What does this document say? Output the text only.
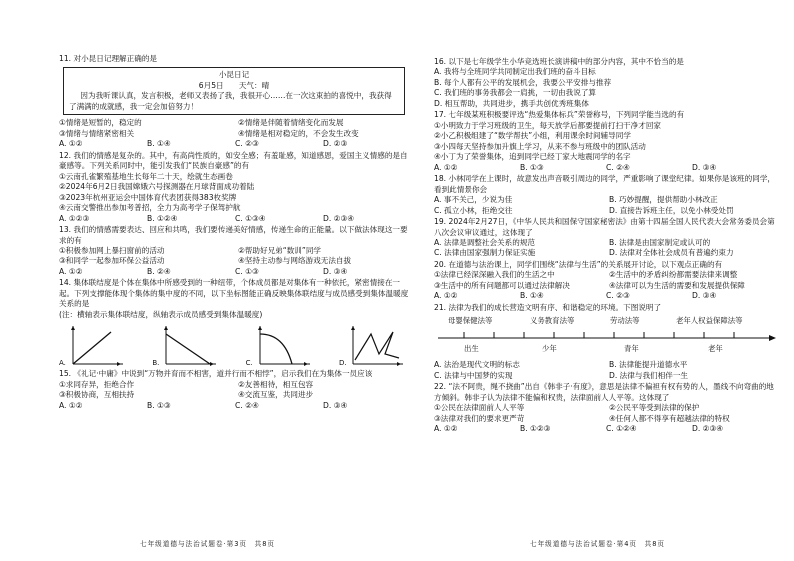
11. 对小昆日记理解正确的是
小昆日记
6月5日　　天气：晴
因为我听课认真，发言积极，老师又表扬了我，我很开心……在一次这束拍的喜悦中，我获得了满满的成就感，我一定会加倍努力！
①情绪是短暂的，稳定的	②情绪是伴随着情绪变化而发展
③情绪与情绪紧密相关	④情绪是相对稳定的，不会发生改变
A. ①②	B. ①④	C. ②③	D. ②③
12. 我们的情感是复杂的。其中，有高尚性质的，如安全感；有羞耻感，知道感恩，爱国主义情感的是自豪感等。下列关系同时中，能引发我们“民族自豪感”的有
①云南孔雀繁殖基地生长每年二十天，绘就生态画卷
②2024年6月2日我国嫦娥六号探测器在月球背面成功着陆
③2023年杭州亚运会中国体育代表团获得383枚奖牌
④云南交警推出参加考普招，全力为高考学子保驾护航
A. ①②③	B. ①②④	C. ①③④	D. ②③④
13. 我们的情感需要表达、回应和共鸣，我们要传递美好情感，传递生命的正能量。以下做法体现这一要求的有
①积极参加网上暴扫窗前的活动	②帮助好兄弟“数训”同学
③和同学一起参加环保公益活动	④坚持主动参与网络游戏无法自拔
A. ①②	B. ②④	C. ①③	D. ③④
14. 集体联结度是个体在集体中所感受到的一种纽带，个体成员都是对集体有一种依托，紧密情接在一起。下列支撑能体现个集体的集中度的不同，以下坐标图能正确反映集体联结度与成员感受到集体温暖度关系的是
(注：横轴表示集体联结度，纵轴表示成员感受到集体温暖度)
A.	B.	C.	D.
15. 《礼记·中庸》中说到“万物并育而不相害，道并行而不相悖”，启示我们在为集体一员应该
①求同存异，拒绝合作	②友善相待，相互包容
③积极协商，互相扶持	④交流互鉴，共同进步
A. ①②	B. ①③	C. ②④	D. ③④
七年级道德与法治试题卷·第3页　共8页
16. 以下是七年级学生小华竞选班长演讲稿中的部分内容，其中不恰当的是
A. 我将与全班同学共同制定出我们班的奋斗目标
B. 每个人都有公平的发展机会，我要公平安排与推荐
C. 我们班的事务我都会一肩挑，一切由我说了算
D. 相互帮助，共同进步，携手共创优秀班集体
17. 七年级某班积极要评选“热爱集体标兵”荣誉称号，下列同学能当选的有
①小明致力于学习班级的卫生，每天放学后都要提前打扫干净才回家
②小乙积极组建了“数学帮扶”小组，利用课余时间辅导同学
③小四每天坚持参加升旗上学习，从来不参与班级中的团队活动
④小丁为了荣誉集体，追到同学已经丁家大地震同学的名字
A. ①②	B. ①③	C. ②④	D. ③④
18. 小林同学在上课时，故意发出声音吸引周边的同学，严重影响了课堂纪律。如果你是该班的同学，看到此情景你会
A. 事不关己，少说为佳	B. 巧妙提醒，提供帮助小林改正
C. 孤立小林，拒绝交往	D. 直接告诉班主任，以免小林受处罚
19. 2024年2月27日，《中华人民共和国保守国家秘密法》由第十四届全国人民代表大会常务委员会第八次会议审议通过，这体现了
A. 法律是调整社会关系的规范	B. 法律是由国家制定或认可的
C. 法律由国家强制力保证实施	D. 法律对全体社会成员有普遍约束力
20. 在道德与法治课上，同学们围绕“法律与生活”的关系展开讨论，以下观点正确的有
①法律已经深深融入我们的生活之中	②生活中的矛盾纠纷都需要法律来调整
③生活中的所有问题都可以通过法律解决	④法律可以为生活的需要和发展提供保障
A. ①②	B. ①④	C. ②③	D. ③④
21. 法律为我们的成长营造文明有序、和谐稳定的环境。下图说明了
母婴保健法等	义务教育法等	劳动法等	老年人权益保障法等
出生	少年	青年	老年
A. 法治是现代文明的标志	B. 法律能提升道德水平
C. 法律与中国梦的实现	D. 法律与我们相伴一生
22. “法不阿贵，绳不挠曲”出自《韩非子·有度》，意思是法律不偏袒有权有势的人，墨线不向弯曲的地方倾斜。韩非子认为法律不能偏和权贵，法律面前人人平等。这体现了
①公民在法律面前人人平等	②公民平等受到法律的保护
③法律对我们的要求更严苛	④任何人都不得享有超越法律的特权
A. ①②	B. ①②③	C. ①②④	D. ②③④
七年级道德与法治试题卷·第4页　共8页
